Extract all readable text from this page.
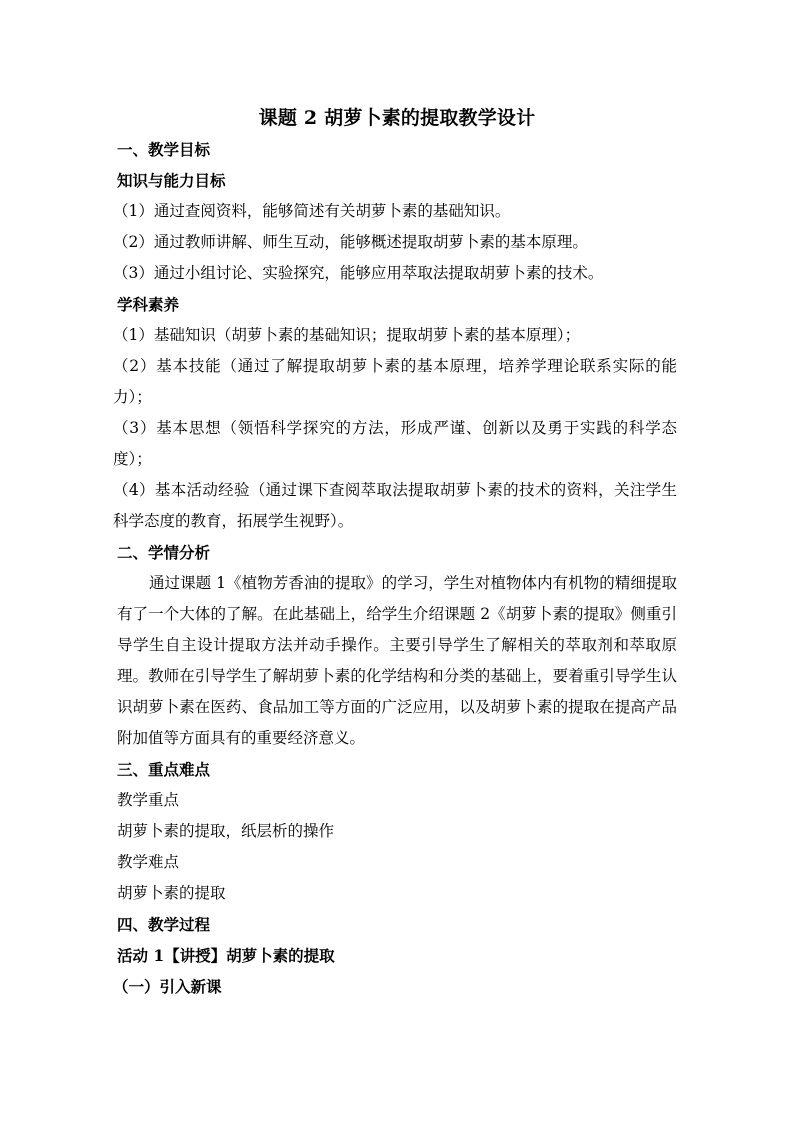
课题 2 胡萝卜素的提取教学设计

一、教学目标

知识与能力目标

（1）通过查阅资料，能够简述有关胡萝卜素的基础知识。

（2）通过教师讲解、师生互动，能够概述提取胡萝卜素的基本原理。

（3）通过小组讨论、实验探究，能够应用萃取法提取胡萝卜素的技术。

学科素养

（1）基础知识（胡萝卜素的基础知识；提取胡萝卜素的基本原理）；

（2）基本技能（通过了解提取胡萝卜素的基本原理，培养学理论联系实际的能力）；

（3）基本思想（领悟科学探究的方法，形成严谨、创新以及勇于实践的科学态度）；

（4）基本活动经验（通过课下查阅萃取法提取胡萝卜素的技术的资料，关注学生科学态度的教育，拓展学生视野）。

二、学情分析

通过课题 1《植物芳香油的提取》的学习，学生对植物体内有机物的精细提取有了一个大体的了解。在此基础上，给学生介绍课题 2《胡萝卜素的提取》侧重引导学生自主设计提取方法并动手操作。主要引导学生了解相关的萃取剂和萃取原理。教师在引导学生了解胡萝卜素的化学结构和分类的基础上，要着重引导学生认识胡萝卜素在医药、食品加工等方面的广泛应用，以及胡萝卜素的提取在提高产品附加值等方面具有的重要经济意义。

三、重点难点

教学重点

胡萝卜素的提取，纸层析的操作

教学难点

胡萝卜素的提取

四、教学过程

活动 1【讲授】胡萝卜素的提取

（一）引入新课
